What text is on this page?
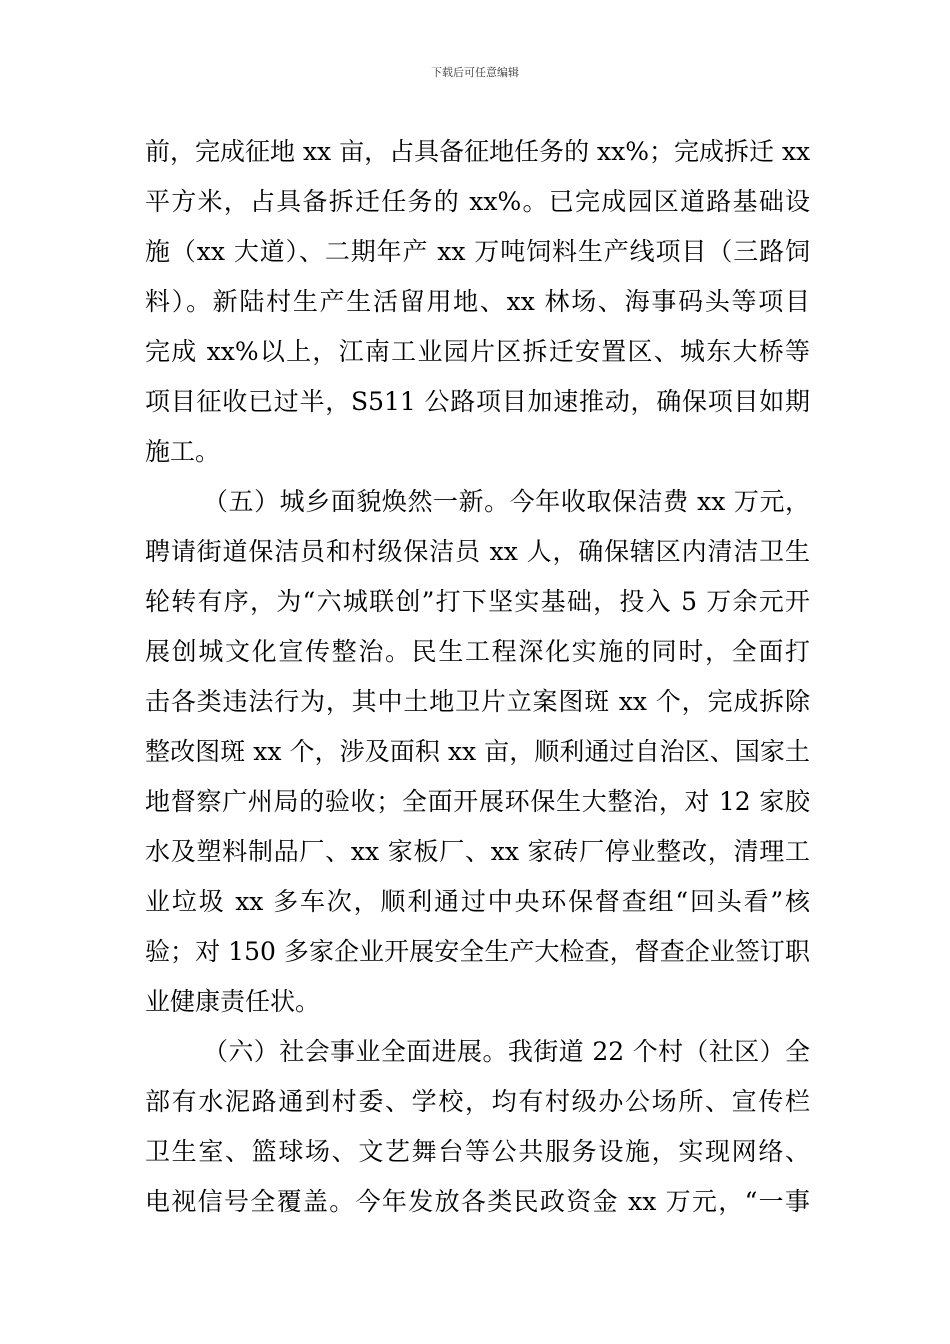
下载后可任意编辑
前，完成征地 xx 亩，占具备征地任务的 xx%；完成拆迁 xx
平方米，占具备拆迁任务的 xx%。已完成园区道路基础设
施（xx 大道）、二期年产 xx 万吨饲料生产线项目（三路饲
料）。新陆村生产生活留用地、xx 林场、海事码头等项目
完成 xx%以上，江南工业园片区拆迁安置区、城东大桥等
项目征收已过半，S511 公路项目加速推动，确保项目如期
施工。
（五）城乡面貌焕然一新。今年收取保洁费 xx 万元，
聘请街道保洁员和村级保洁员 xx 人，确保辖区内清洁卫生
轮转有序，为“六城联创”打下坚实基础，投入 5 万余元开
展创城文化宣传整治。民生工程深化实施的同时，全面打
击各类违法行为，其中土地卫片立案图斑 xx 个，完成拆除
整改图斑 xx 个，涉及面积 xx 亩，顺利通过自治区、国家土
地督察广州局的验收；全面开展环保生大整治，对 12 家胶
水及塑料制品厂、xx 家板厂、xx 家砖厂停业整改，清理工
业垃圾 xx 多车次，顺利通过中央环保督查组“回头看”核
验；对 150 多家企业开展安全生产大检查，督查企业签订职
业健康责任状。
（六）社会事业全面进展。我街道 22 个村（社区）全
部有水泥路通到村委、学校，均有村级办公场所、宣传栏
卫生室、篮球场、文艺舞台等公共服务设施，实现网络、
电视信号全覆盖。今年发放各类民政资金 xx 万元，“一事
